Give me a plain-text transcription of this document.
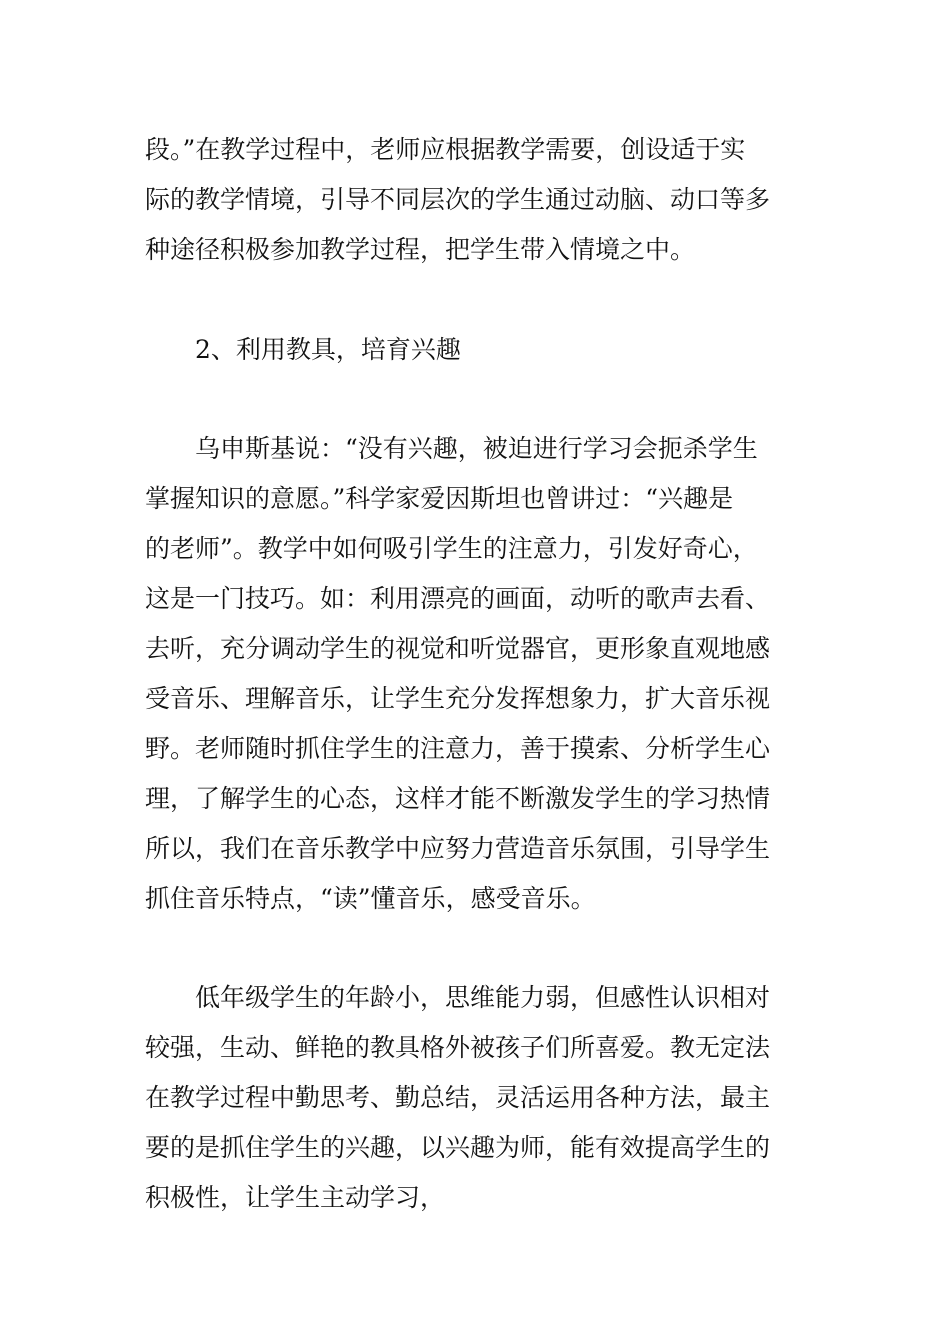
段。”在教学过程中，老师应根据教学需要，创设适于实
际的教学情境，引导不同层次的学生通过动脑、动口等多
种途径积极参加教学过程，把学生带入情境之中。
2、利用教具，培育兴趣
乌申斯基说：“没有兴趣，被迫进行学习会扼杀学生
掌握知识的意愿。”科学家爱因斯坦也曾讲过：“兴趣是
的老师”。教学中如何吸引学生的注意力，引发好奇心，
这是一门技巧。如：利用漂亮的画面，动听的歌声去看、
去听，充分调动学生的视觉和听觉器官，更形象直观地感
受音乐、理解音乐，让学生充分发挥想象力，扩大音乐视
野。老师随时抓住学生的注意力，善于摸索、分析学生心
理，了解学生的心态，这样才能不断激发学生的学习热情
所以，我们在音乐教学中应努力营造音乐氛围，引导学生
抓住音乐特点，“读”懂音乐，感受音乐。
低年级学生的年龄小，思维能力弱，但感性认识相对
较强，生动、鲜艳的教具格外被孩子们所喜爱。教无定法
在教学过程中勤思考、勤总结，灵活运用各种方法，最主
要的是抓住学生的兴趣，以兴趣为师，能有效提高学生的
积极性，让学生主动学习，
